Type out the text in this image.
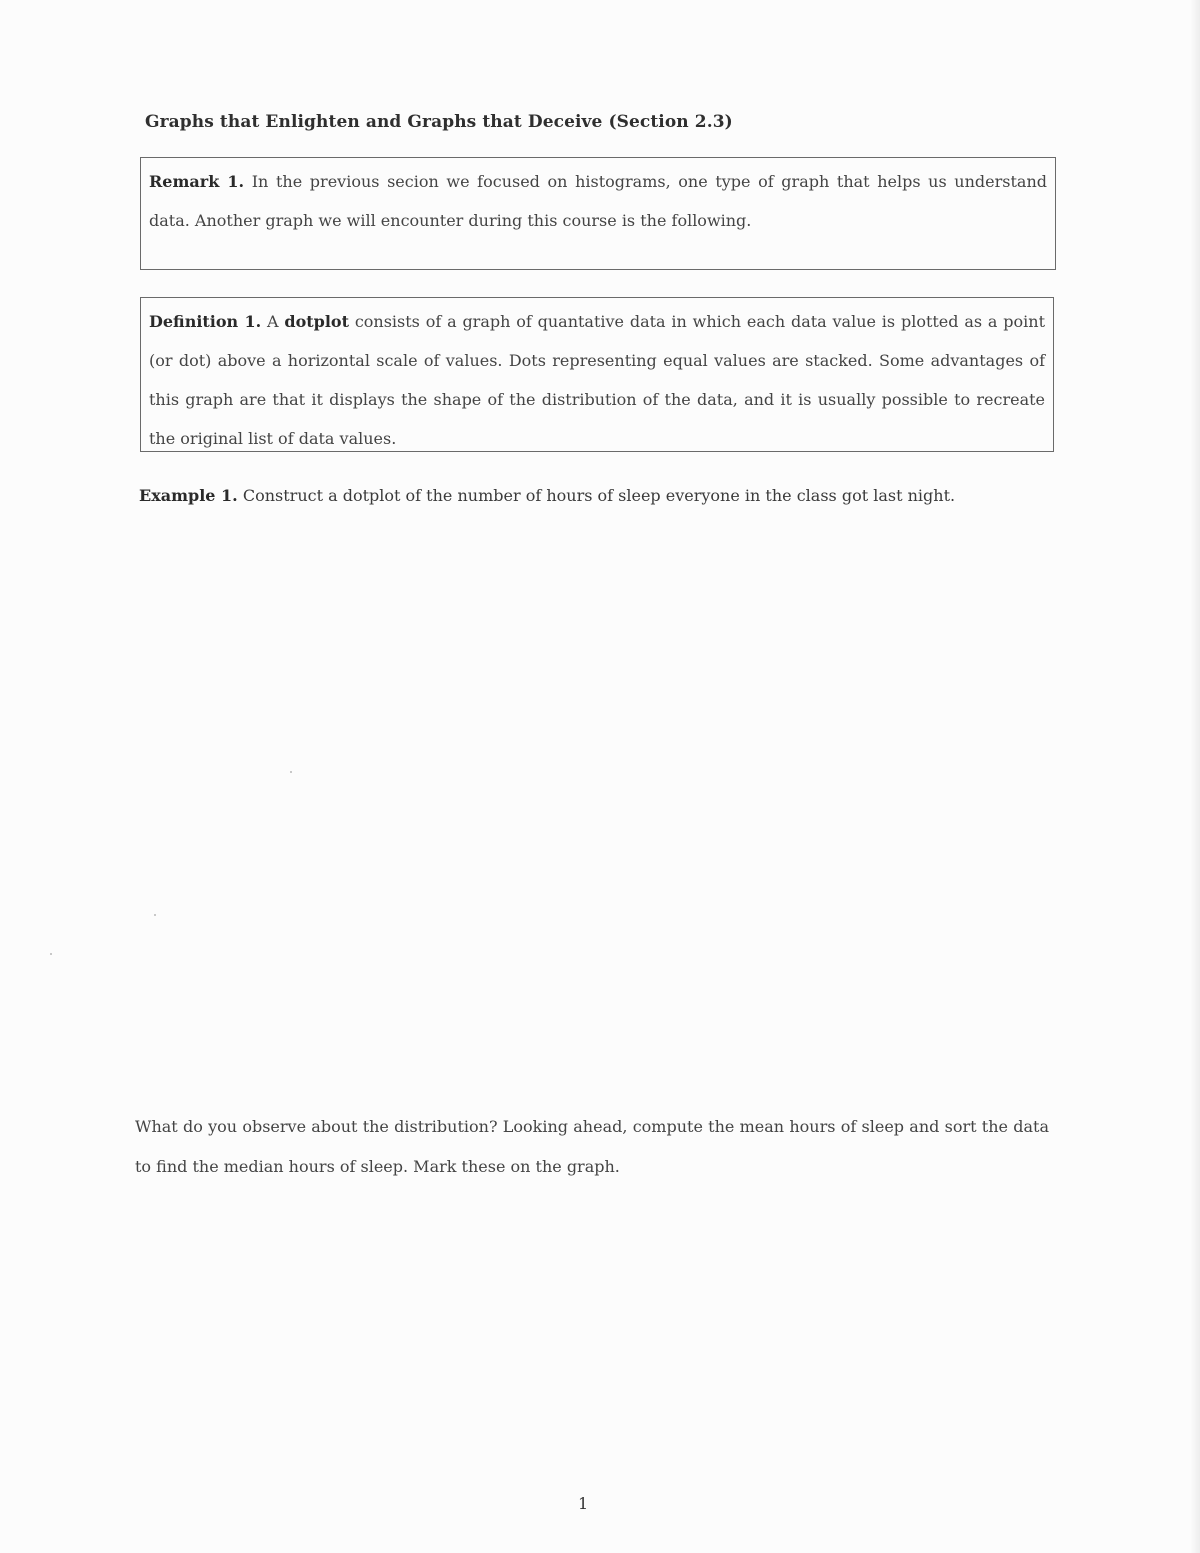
Graphs that Enlighten and Graphs that Deceive (Section 2.3)

Remark 1. In the previous secion we focused on histograms, one type of graph that helps us understand data. Another graph we will encounter during this course is the following.

Definition 1. A dotplot consists of a graph of quantative data in which each data value is plotted as a point (or dot) above a horizontal scale of values. Dots representing equal values are stacked. Some advantages of this graph are that it displays the shape of the distribution of the data, and it is usually possible to recreate the original list of data values.

Example 1. Construct a dotplot of the number of hours of sleep everyone in the class got last night.

What do you observe about the distribution? Looking ahead, compute the mean hours of sleep and sort the data to find the median hours of sleep. Mark these on the graph.

1
